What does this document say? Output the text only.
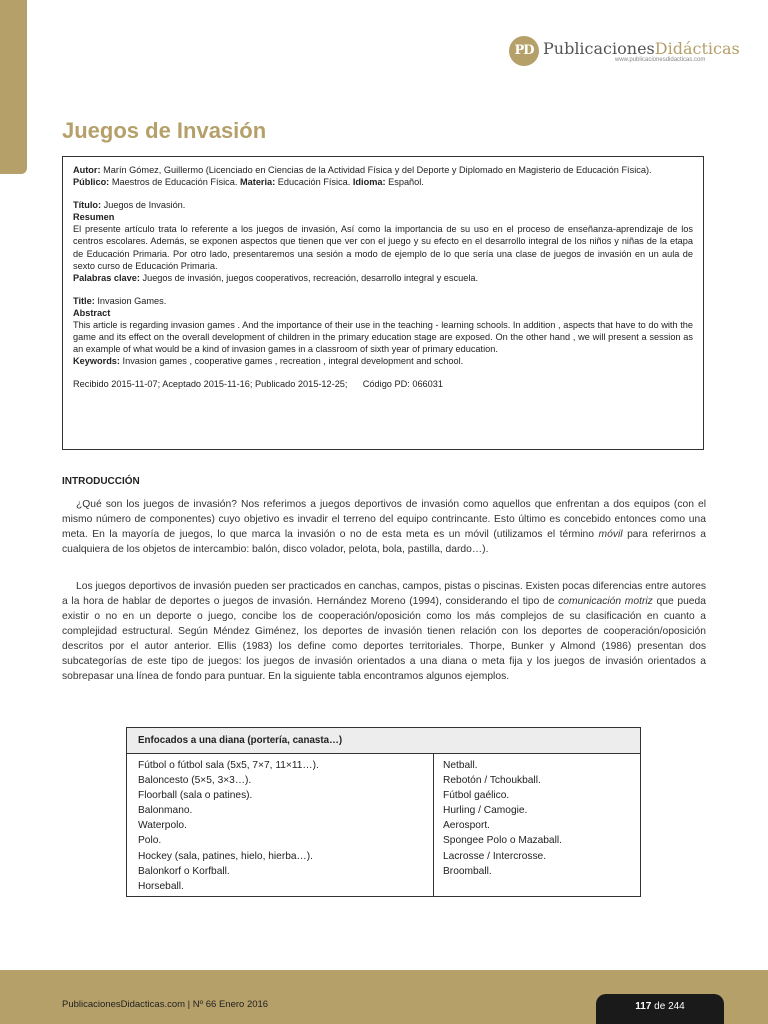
PD PublicacionesDidácticas
www.publicacionesdidacticas.com
Juegos de Invasión

Autor: Marín Gómez, Guillermo (Licenciado en Ciencias de la Actividad Física y del Deporte y Diplomado en Magisterio de Educación Física).

Público: Maestros de Educación Física. Materia: Educación Física. Idioma: Español.

Título: Juegos de Invasión.

Resumen

El presente artículo trata lo referente a los juegos de invasión, Así como la importancia de su uso en el proceso de enseñanza-aprendizaje de los centros escolares. Además, se exponen aspectos que tienen que ver con el juego y su efecto en el desarrollo integral de los niños y niñas de la etapa de Educación Primaria. Por otro lado, presentaremos una sesión a modo de ejemplo de lo que sería una clase de juegos de invasión en un aula de sexto curso de Educación Primaria.

Palabras clave: Juegos de invasión, juegos cooperativos, recreación, desarrollo integral y escuela.

Title: Invasion Games.

Abstract

This article is regarding invasion games . And the importance of their use in the teaching - learning schools. In addition , aspects that have to do with the game and its effect on the overall development of children in the primary education stage are exposed. On the other hand , we will present a session as an example of what would be a kind of invasion games in a classroom of sixth year of primary education.

Keywords: Invasion games , cooperative games , recreation , integral development and school.

Recibido 2015-11-07; Aceptado 2015-11-16; Publicado 2015-12-25; Código PD: 066031

INTRODUCCIÓN

¿Qué son los juegos de invasión? Nos referimos a juegos deportivos de invasión como aquellos que enfrentan a dos equipos (con el mismo número de componentes) cuyo objetivo es invadir el terreno del equipo contrincante. Esto último es concebido entonces como una meta. En la mayoría de juegos, lo que marca la invasión o no de esta meta es un móvil (utilizamos el término móvil para referirnos a cualquiera de los objetos de intercambio: balón, disco volador, pelota, bola, pastilla, dardo…).

Los juegos deportivos de invasión pueden ser practicados en canchas, campos, pistas o piscinas. Existen pocas diferencias entre autores a la hora de hablar de deportes o juegos de invasión. Hernández Moreno (1994), considerando el tipo de comunicación motriz que pueda existir o no en un deporte o juego, concibe los de cooperación/oposición como los más complejos de su clasificación en cuanto a complejidad estructural. Según Méndez Giménez, los deportes de invasión tienen relación con los deportes de cooperación/oposición descritos por el autor anterior. Ellis (1983) los define como deportes territoriales. Thorpe, Bunker y Almond (1986) presentan dos subcategorías de este tipo de juegos: los juegos de invasión orientados a una diana o meta fija y los juegos de invasión orientados a sobrepasar una línea de fondo para puntuar. En la siguiente tabla encontramos algunos ejemplos.

Enfocados a una diana (portería, canasta…)
Fútbol o fútbol sala (5x5, 7×7, 11×11…).
Baloncesto (5×5, 3×3…).
Floorball (sala o patines).
Balonmano.
Waterpolo.
Polo.
Hockey (sala, patines, hielo, hierba…).
Balonkorf o Korfball.
Horseball.
Netball.
Rebotón / Tchoukball.
Fútbol gaélico.
Hurling / Camogie.
Aerosport.
Spongee Polo o Mazaball.
Lacrosse / Intercrosse.
Broomball.
PublicacionesDidacticas.com | Nº 66 Enero 2016	117 de 244
